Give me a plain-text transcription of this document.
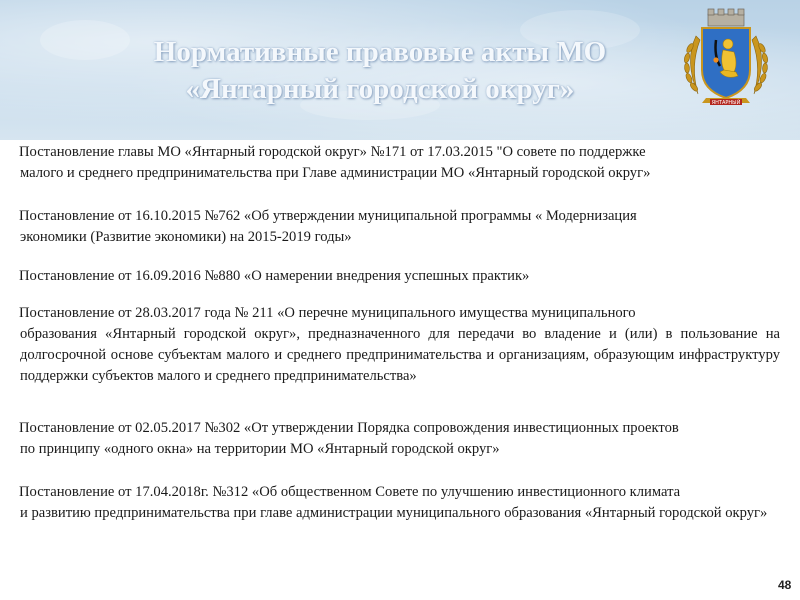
Нормативные правовые акты МО
«Янтарный городской округ»	ЯНТАРНЫЙ
Постановление главы МО «Янтарный городской округ» №171 от 17.03.2015 "О совете по поддержке
малого и среднего предпринимательства при Главе администрации МО «Янтарный городской округ»
Постановление от 16.10.2015 №762 «Об утверждении муниципальной программы « Модернизация
экономики (Развитие экономики) на 2015-2019 годы»
Постановление от 16.09.2016 №880 «О намерении внедрения успешных практик»
Постановление от 28.03.2017 года № 211 «О перечне муниципального имущества муниципального
образования «Янтарный городской округ», предназначенного для передачи во владение и (или) в пользование на долгосрочной основе субъектам малого и среднего предпринимательства и организациям, образующим инфраструктуру поддержки субъектов малого и среднего предпринимательства»
Постановление от 02.05.2017 №302 «От утверждении Порядка сопровождения инвестиционных проектов
по принципу «одного окна» на территории МО «Янтарный городской округ»
Постановление от 17.04.2018г. №312 «Об общественном Совете по улучшению инвестиционного климата
и развитию предпринимательства при главе администрации муниципального образования «Янтарный городской округ»
48
